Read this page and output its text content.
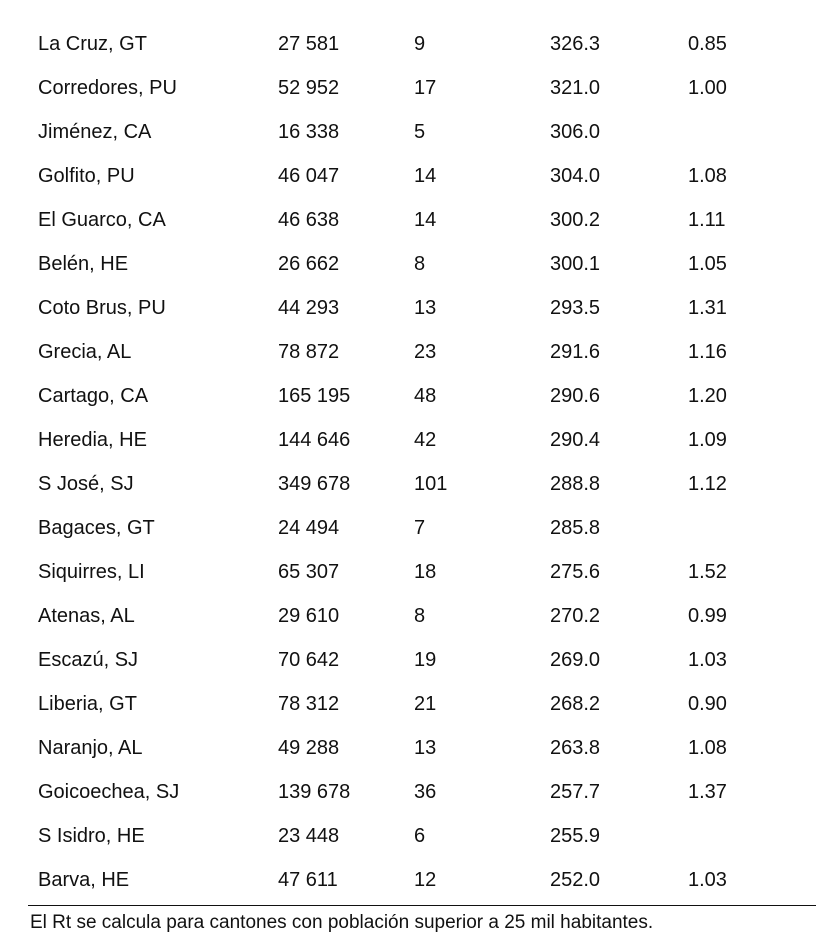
La Cruz, GT	27 581	9	326.3	0.85
Corredores, PU	52 952	17	321.0	1.00
Jiménez, CA	16 338	5	306.0	
Golfito, PU	46 047	14	304.0	1.08
El Guarco, CA	46 638	14	300.2	1.11
Belén, HE	26 662	8	300.1	1.05
Coto Brus, PU	44 293	13	293.5	1.31
Grecia, AL	78 872	23	291.6	1.16
Cartago, CA	165 195	48	290.6	1.20
Heredia, HE	144 646	42	290.4	1.09
S José, SJ	349 678	101	288.8	1.12
Bagaces, GT	24 494	7	285.8	
Siquirres, LI	65 307	18	275.6	1.52
Atenas, AL	29 610	8	270.2	0.99
Escazú, SJ	70 642	19	269.0	1.03
Liberia, GT	78 312	21	268.2	0.90
Naranjo, AL	49 288	13	263.8	1.08
Goicoechea, SJ	139 678	36	257.7	1.37
S Isidro, HE	23 448	6	255.9	
Barva, HE	47 611	12	252.0	1.03
El Rt se calcula para cantones con población superior a 25 mil habitantes.
